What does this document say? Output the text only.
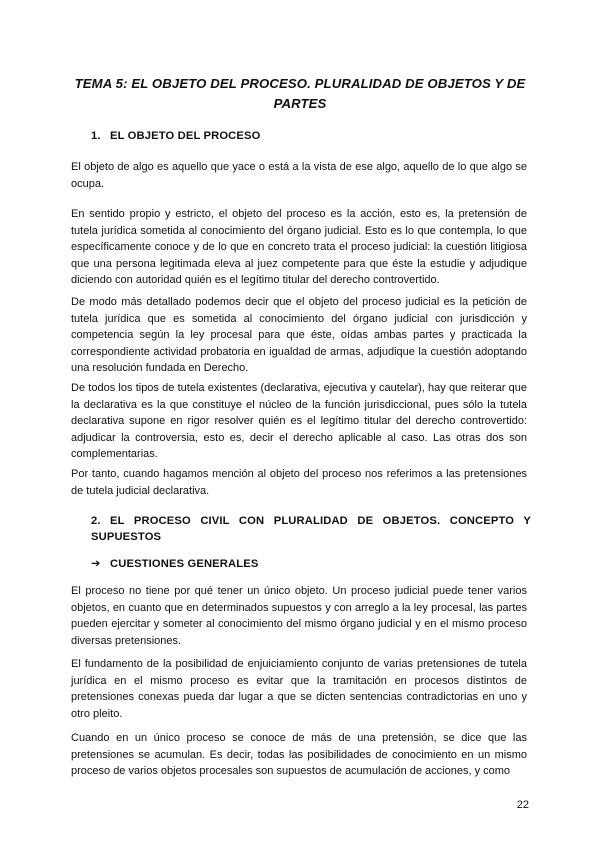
TEMA 5: EL OBJETO DEL PROCESO. PLURALIDAD DE OBJETOS Y DE PARTES
1. EL OBJETO DEL PROCESO

El objeto de algo es aquello que yace o está a la vista de ese algo, aquello de lo que algo se ocupa.

En sentido propio y estricto, el objeto del proceso es la acción, esto es, la pretensión de tutela jurídica sometida al conocimiento del órgano judicial. Esto es lo que contempla, lo que específicamente conoce y de lo que en concreto trata el proceso judicial: la cuestión litigiosa que una persona legitimada eleva al juez competente para que éste la estudie y adjudique diciendo con autoridad quién es el legítimo titular del derecho controvertido.

De modo más detallado podemos decir que el objeto del proceso judicial es la petición de tutela jurídica que es sometida al conocimiento del órgano judicial con jurisdicción y competencia según la ley procesal para que éste, oídas ambas partes y practicada la correspondiente actividad probatoria en igualdad de armas, adjudique la cuestión adoptando una resolución fundada en Derecho.

De todos los tipos de tutela existentes (declarativa, ejecutiva y cautelar), hay que reiterar que la declarativa es la que constituye el núcleo de la función jurisdiccional, pues sólo la tutela declarativa supone en rigor resolver quién es el legítimo titular del derecho controvertido: adjudicar la controversia, esto es, decir el derecho aplicable al caso. Las otras dos son complementarias.

Por tanto, cuando hagamos mención al objeto del proceso nos referimos a las pretensiones de tutela judicial declarativa.

2. EL PROCESO CIVIL CON PLURALIDAD DE OBJETOS. CONCEPTO Y SUPUESTOS
➔ CUESTIONES GENERALES

El proceso no tiene por qué tener un único objeto. Un proceso judicial puede tener varios objetos, en cuanto que en determinados supuestos y con arreglo a la ley procesal, las partes pueden ejercitar y someter al conocimiento del mismo órgano judicial y en el mismo proceso diversas pretensiones.

El fundamento de la posibilidad de enjuiciamiento conjunto de varias pretensiones de tutela jurídica en el mismo proceso es evitar que la tramitación en procesos distintos de pretensiones conexas pueda dar lugar a que se dicten sentencias contradictorias en uno y otro pleito.

Cuando en un único proceso se conoce de más de una pretensión, se dice que las pretensiones se acumulan. Es decir, todas las posibilidades de conocimiento en un mismo proceso de varios objetos procesales son supuestos de acumulación de acciones, y como

22
